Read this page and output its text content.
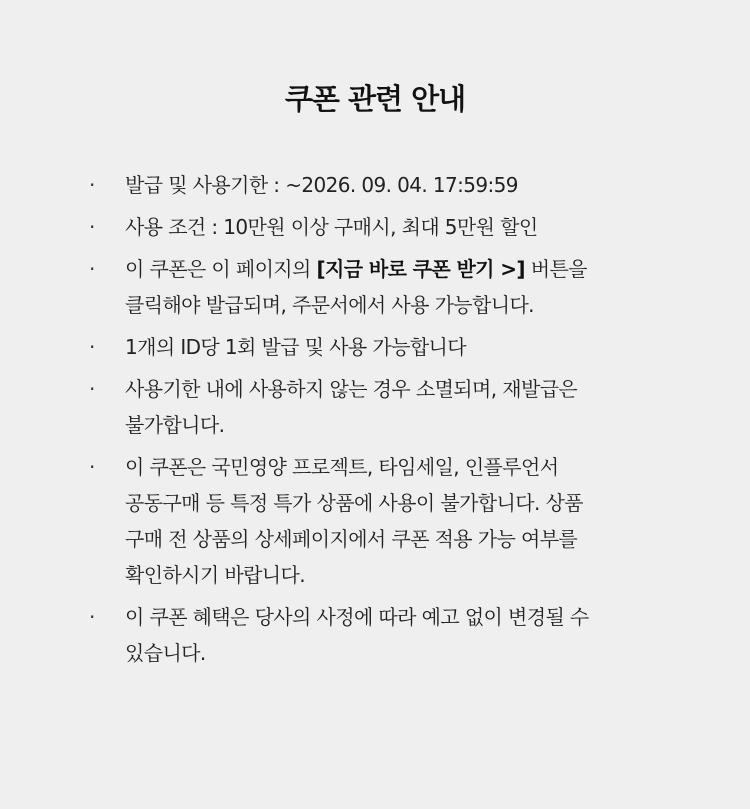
쿠폰 관련 안내
·	발급 및 사용기한 : ~2026. 09. 04. 17:59:59
·	사용 조건 : 10만원 이상 구매시, 최대 5만원 할인
·	이 쿠폰은 이 페이지의 [지금 바로 쿠폰 받기 >] 버튼을
클릭해야 발급되며, 주문서에서 사용 가능합니다.
·	1개의 ID당 1회 발급 및 사용 가능합니다
·	사용기한 내에 사용하지 않는 경우 소멸되며, 재발급은
불가합니다.
·	이 쿠폰은 국민영양 프로젝트, 타임세일, 인플루언서
공동구매 등 특정 특가 상품에 사용이 불가합니다. 상품
구매 전 상품의 상세페이지에서 쿠폰 적용 가능 여부를
확인하시기 바랍니다.
·	이 쿠폰 혜택은 당사의 사정에 따라 예고 없이 변경될 수
있습니다.
